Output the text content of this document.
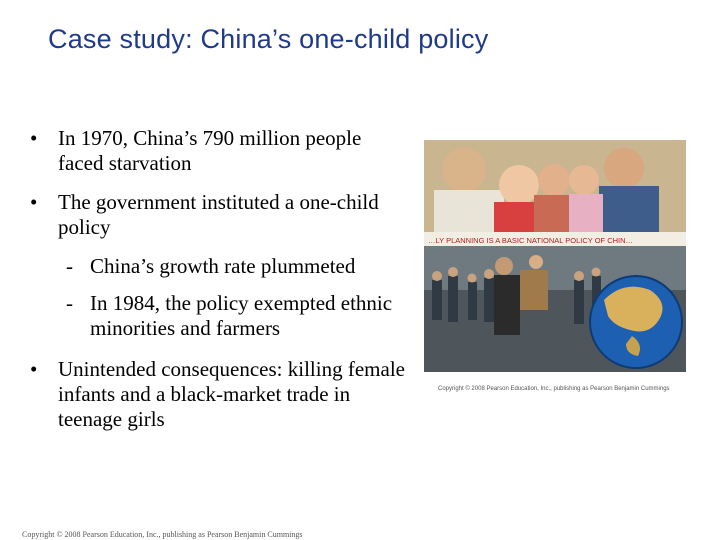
Case study: China’s one-child policy
• In 1970, China’s 790 million people faced starvation
• The government instituted a one-child policy
- China’s growth rate plummeted
- In 1984, the policy exempted ethnic minorities and farmers
• Unintended consequences: killing female infants and a black-market trade in teenage girls
…LY PLANNING IS A BASIC NATIONAL POLICY OF CHIN…
Copyright © 2008 Pearson Education, Inc., publishing as Pearson Benjamin Cummings
Copyright © 2008 Pearson Education, Inc., publishing as Pearson Benjamin Cummings
